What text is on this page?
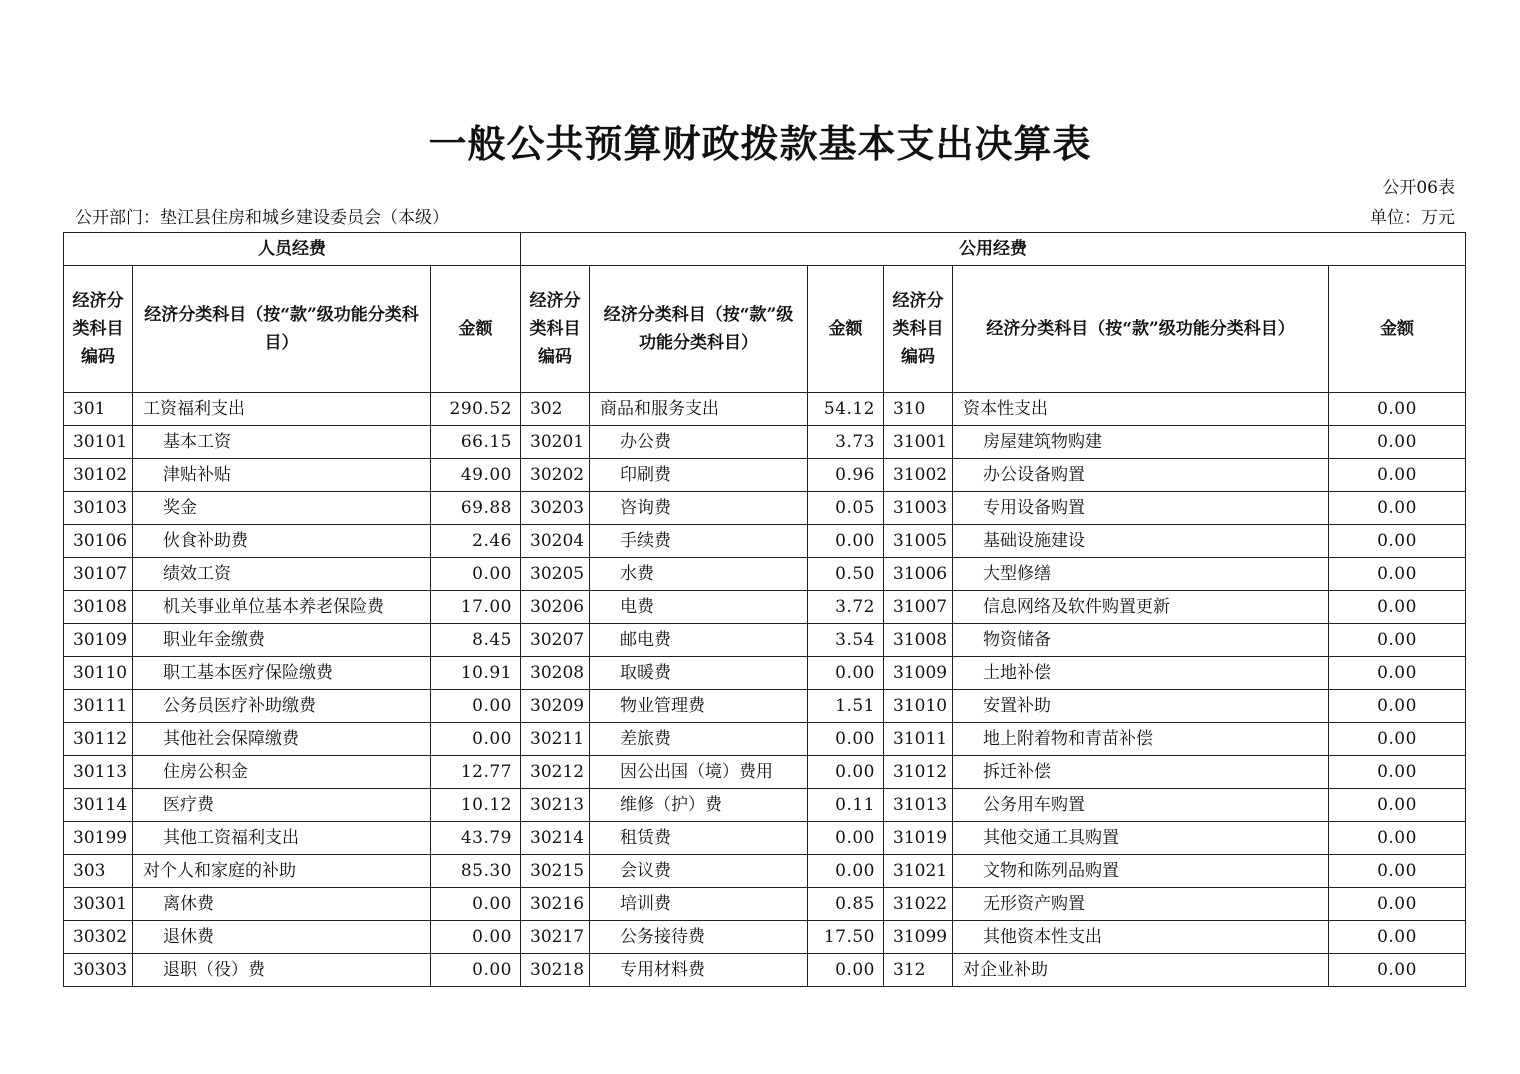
一般公共预算财政拨款基本支出决算表
公开06表
公开部门：垫江县住房和城乡建设委员会（本级）	单位：万元
人员经费			公用经费					
经济分类科目编码	经济分类科目（按“款”级功能分类科目）	金额	经济分类科目编码	经济分类科目（按“款”级功能分类科目）	金额	经济分类科目编码	经济分类科目（按“款”级功能分类科目）	金额
301	工资福利支出	290.52	302	商品和服务支出	54.12	310	资本性支出	0.00
30101	基本工资	66.15	30201	办公费	3.73	31001	房屋建筑物购建	0.00
30102	津贴补贴	49.00	30202	印刷费	0.96	31002	办公设备购置	0.00
30103	奖金	69.88	30203	咨询费	0.05	31003	专用设备购置	0.00
30106	伙食补助费	2.46	30204	手续费	0.00	31005	基础设施建设	0.00
30107	绩效工资	0.00	30205	水费	0.50	31006	大型修缮	0.00
30108	机关事业单位基本养老保险费	17.00	30206	电费	3.72	31007	信息网络及软件购置更新	0.00
30109	职业年金缴费	8.45	30207	邮电费	3.54	31008	物资储备	0.00
30110	职工基本医疗保险缴费	10.91	30208	取暖费	0.00	31009	土地补偿	0.00
30111	公务员医疗补助缴费	0.00	30209	物业管理费	1.51	31010	安置补助	0.00
30112	其他社会保障缴费	0.00	30211	差旅费	0.00	31011	地上附着物和青苗补偿	0.00
30113	住房公积金	12.77	30212	因公出国（境）费用	0.00	31012	拆迁补偿	0.00
30114	医疗费	10.12	30213	维修（护）费	0.11	31013	公务用车购置	0.00
30199	其他工资福利支出	43.79	30214	租赁费	0.00	31019	其他交通工具购置	0.00
303	对个人和家庭的补助	85.30	30215	会议费	0.00	31021	文物和陈列品购置	0.00
30301	离休费	0.00	30216	培训费	0.85	31022	无形资产购置	0.00
30302	退休费	0.00	30217	公务接待费	17.50	31099	其他资本性支出	0.00
30303	退职（役）费	0.00	30218	专用材料费	0.00	312	对企业补助	0.00
